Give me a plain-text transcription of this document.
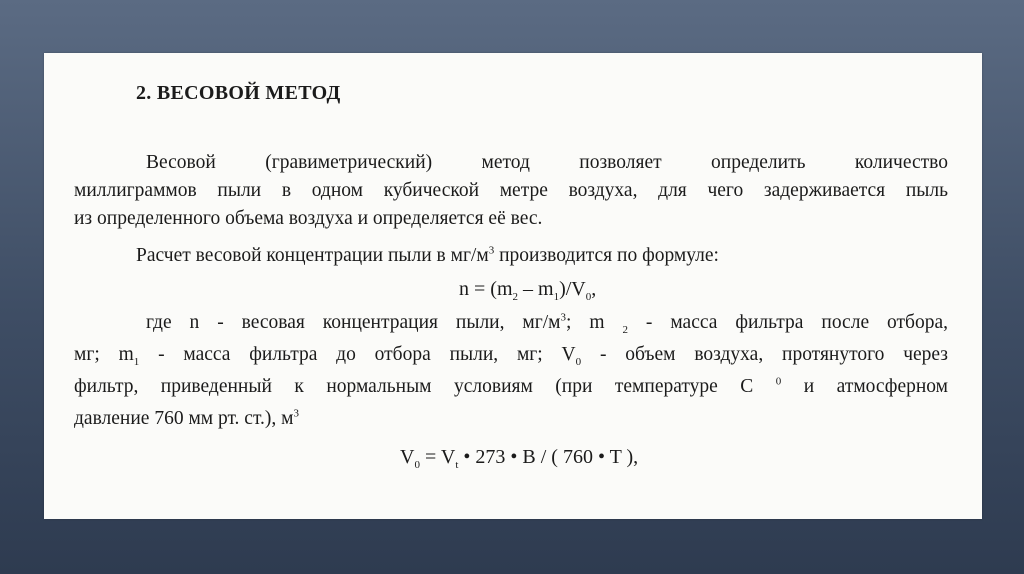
2. ВЕСОВОЙ МЕТОД
Весовой (гравиметрический) метод позволяет определить количество
миллиграммов пыли в одном кубической метре воздуха, для чего задерживается пыль
из определенного объема воздуха и определяется её вес.
Расчет весовой концентрации пыли в $мг/м^3$ производится по формуле:
$n = (m_2 - m_1)/V_0$,
где n - весовая концентрация пыли, $мг/м^3$; m $_2$ - масса фильтра после отбора,
мг; $m_1$ - масса фильтра до отбора пыли, мг; $V_0$ - объем воздуха, протянутого через
фильтр, приведенный к нормальным условиям (при температуре С $^0$ и атмосферном
давление 760 мм рт. ст.), $м^3$
$V_0 = V_t$ • 273 • B / ( 760 • T ),
